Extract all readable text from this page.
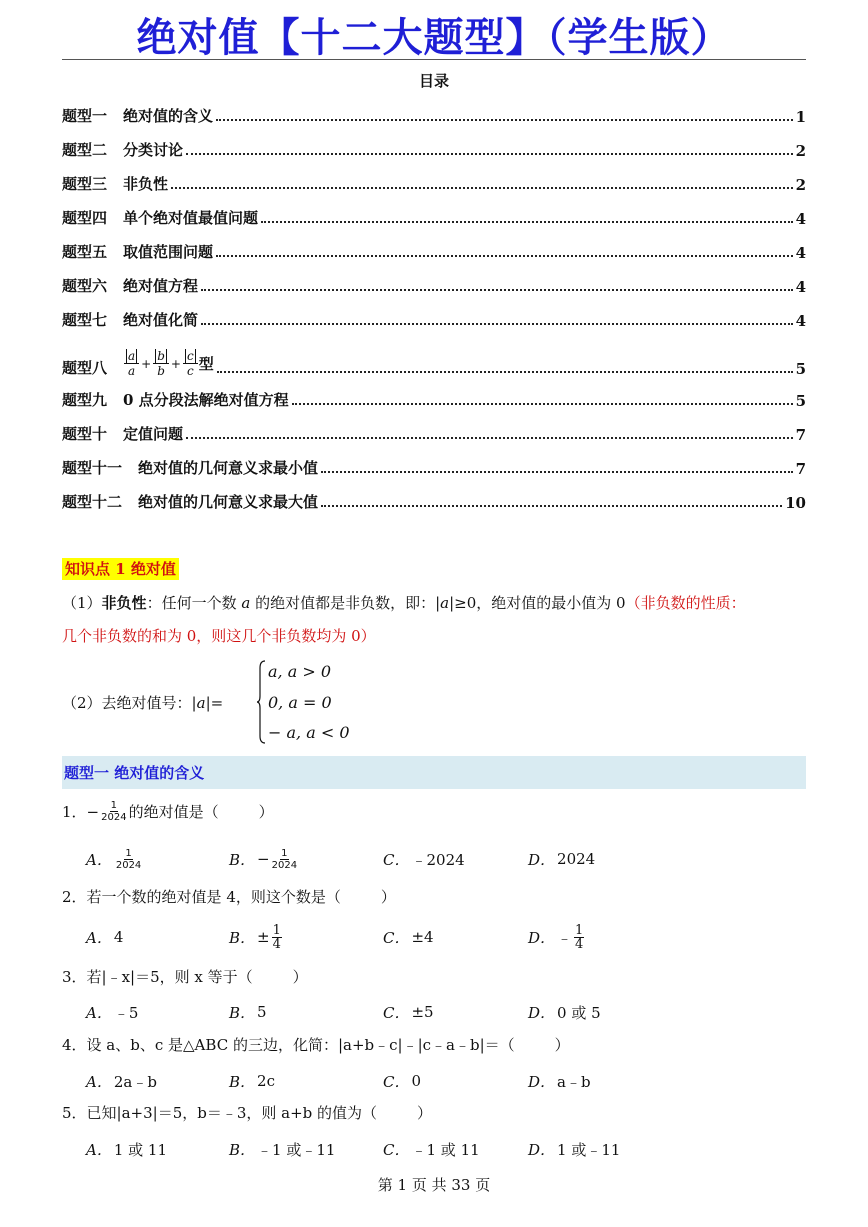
绝对值【十二大题型】（学生版）
目录
题型一 绝对值的含义	1
题型二 分类讨论	2
题型三 非负性	2
题型四 单个绝对值最值问题	4
题型五 取值范围问题	4
题型六 绝对值方程	4
题型七 绝对值化简	4
题型八 $\frac{a}{a} + \frac{b}{b} + \frac{c}{c}$ 型	5
题型九 0 点分段法解绝对值方程	5
题型十 定值问题	7
题型十一 绝对值的几何意义求最小值	7
题型十二 绝对值的几何意义求最大值	10
知识点 1 绝对值
（1）非负性：任何一个数 a 的绝对值都是非负数，即：|a|≥0，绝对值的最小值为 0（非负数的性质：
几个非负数的和为 0，则这几个非负数均为 0）
（2）去绝对值号：|a|=
a, a > 0
0, a = 0
− a, a < 0
题型一 绝对值的含义
1．− $\frac{1}{2024}$ 的绝对值是（	）
A． $\frac{1}{2024}$	B． − $\frac{1}{2024}$	C． ﹣2024	D． 2024
2．若一个数的绝对值是 4，则这个数是（	）
A． 4	B． ± $\frac{1}{4}$	C． ±4	D． ﹣ $\frac{1}{4}$
3．若|﹣x|＝5，则 x 等于（	）
A． ﹣5	B． 5	C． ±5	D． 0 或 5
4．设 a、b、c 是△ABC 的三边，化简：|a+b﹣c|﹣|c﹣a﹣b|＝（	）
A． 2a﹣b	B． 2c	C． 0	D． a﹣b
5．已知|a+3|＝5，b＝﹣3，则 a+b 的值为（	）
A． 1 或 11	B． ﹣1 或﹣11	C． ﹣1 或 11	D． 1 或﹣11
第 1 页 共 33 页
